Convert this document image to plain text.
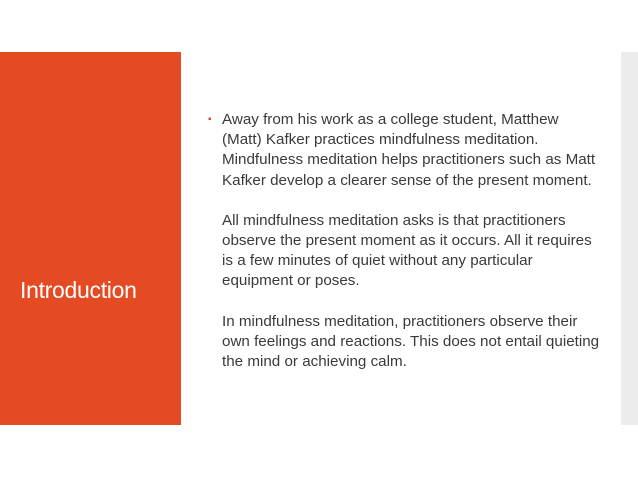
Introduction
▪ Away from his work as a college student, Matthew (Matt) Kafker practices mindfulness meditation. Mindfulness meditation helps practitioners such as Matt Kafker develop a clearer sense of the present moment.

All mindfulness meditation asks is that practitioners observe the present moment as it occurs. All it requires is a few minutes of quiet without any particular equipment or poses.

In mindfulness meditation, practitioners observe their own feelings and reactions. This does not entail quieting the mind or achieving calm.
